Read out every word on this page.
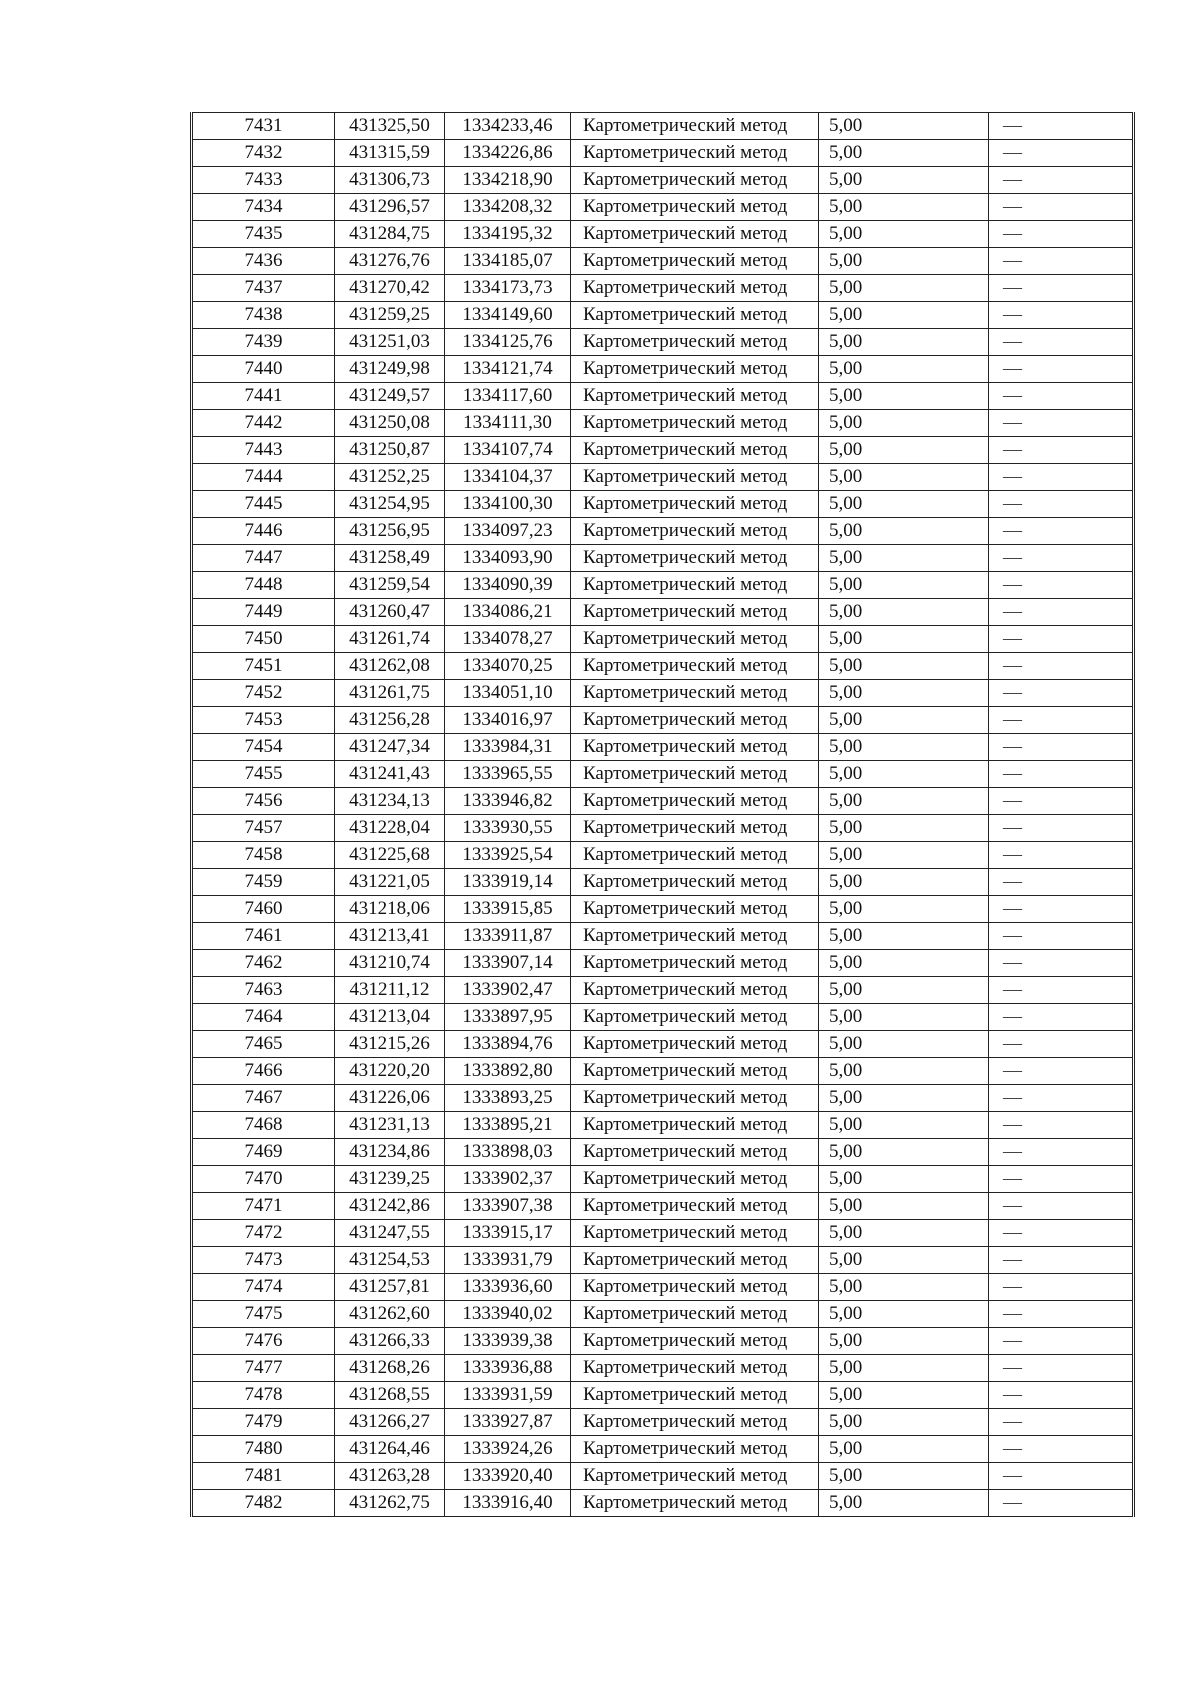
7431	431325,50	1334233,46	Картометрический метод	5,00	—
7432	431315,59	1334226,86	Картометрический метод	5,00	—
7433	431306,73	1334218,90	Картометрический метод	5,00	—
7434	431296,57	1334208,32	Картометрический метод	5,00	—
7435	431284,75	1334195,32	Картометрический метод	5,00	—
7436	431276,76	1334185,07	Картометрический метод	5,00	—
7437	431270,42	1334173,73	Картометрический метод	5,00	—
7438	431259,25	1334149,60	Картометрический метод	5,00	—
7439	431251,03	1334125,76	Картометрический метод	5,00	—
7440	431249,98	1334121,74	Картометрический метод	5,00	—
7441	431249,57	1334117,60	Картометрический метод	5,00	—
7442	431250,08	1334111,30	Картометрический метод	5,00	—
7443	431250,87	1334107,74	Картометрический метод	5,00	—
7444	431252,25	1334104,37	Картометрический метод	5,00	—
7445	431254,95	1334100,30	Картометрический метод	5,00	—
7446	431256,95	1334097,23	Картометрический метод	5,00	—
7447	431258,49	1334093,90	Картометрический метод	5,00	—
7448	431259,54	1334090,39	Картометрический метод	5,00	—
7449	431260,47	1334086,21	Картометрический метод	5,00	—
7450	431261,74	1334078,27	Картометрический метод	5,00	—
7451	431262,08	1334070,25	Картометрический метод	5,00	—
7452	431261,75	1334051,10	Картометрический метод	5,00	—
7453	431256,28	1334016,97	Картометрический метод	5,00	—
7454	431247,34	1333984,31	Картометрический метод	5,00	—
7455	431241,43	1333965,55	Картометрический метод	5,00	—
7456	431234,13	1333946,82	Картометрический метод	5,00	—
7457	431228,04	1333930,55	Картометрический метод	5,00	—
7458	431225,68	1333925,54	Картометрический метод	5,00	—
7459	431221,05	1333919,14	Картометрический метод	5,00	—
7460	431218,06	1333915,85	Картометрический метод	5,00	—
7461	431213,41	1333911,87	Картометрический метод	5,00	—
7462	431210,74	1333907,14	Картометрический метод	5,00	—
7463	431211,12	1333902,47	Картометрический метод	5,00	—
7464	431213,04	1333897,95	Картометрический метод	5,00	—
7465	431215,26	1333894,76	Картометрический метод	5,00	—
7466	431220,20	1333892,80	Картометрический метод	5,00	—
7467	431226,06	1333893,25	Картометрический метод	5,00	—
7468	431231,13	1333895,21	Картометрический метод	5,00	—
7469	431234,86	1333898,03	Картометрический метод	5,00	—
7470	431239,25	1333902,37	Картометрический метод	5,00	—
7471	431242,86	1333907,38	Картометрический метод	5,00	—
7472	431247,55	1333915,17	Картометрический метод	5,00	—
7473	431254,53	1333931,79	Картометрический метод	5,00	—
7474	431257,81	1333936,60	Картометрический метод	5,00	—
7475	431262,60	1333940,02	Картометрический метод	5,00	—
7476	431266,33	1333939,38	Картометрический метод	5,00	—
7477	431268,26	1333936,88	Картометрический метод	5,00	—
7478	431268,55	1333931,59	Картометрический метод	5,00	—
7479	431266,27	1333927,87	Картометрический метод	5,00	—
7480	431264,46	1333924,26	Картометрический метод	5,00	—
7481	431263,28	1333920,40	Картометрический метод	5,00	—
7482	431262,75	1333916,40	Картометрический метод	5,00	—
